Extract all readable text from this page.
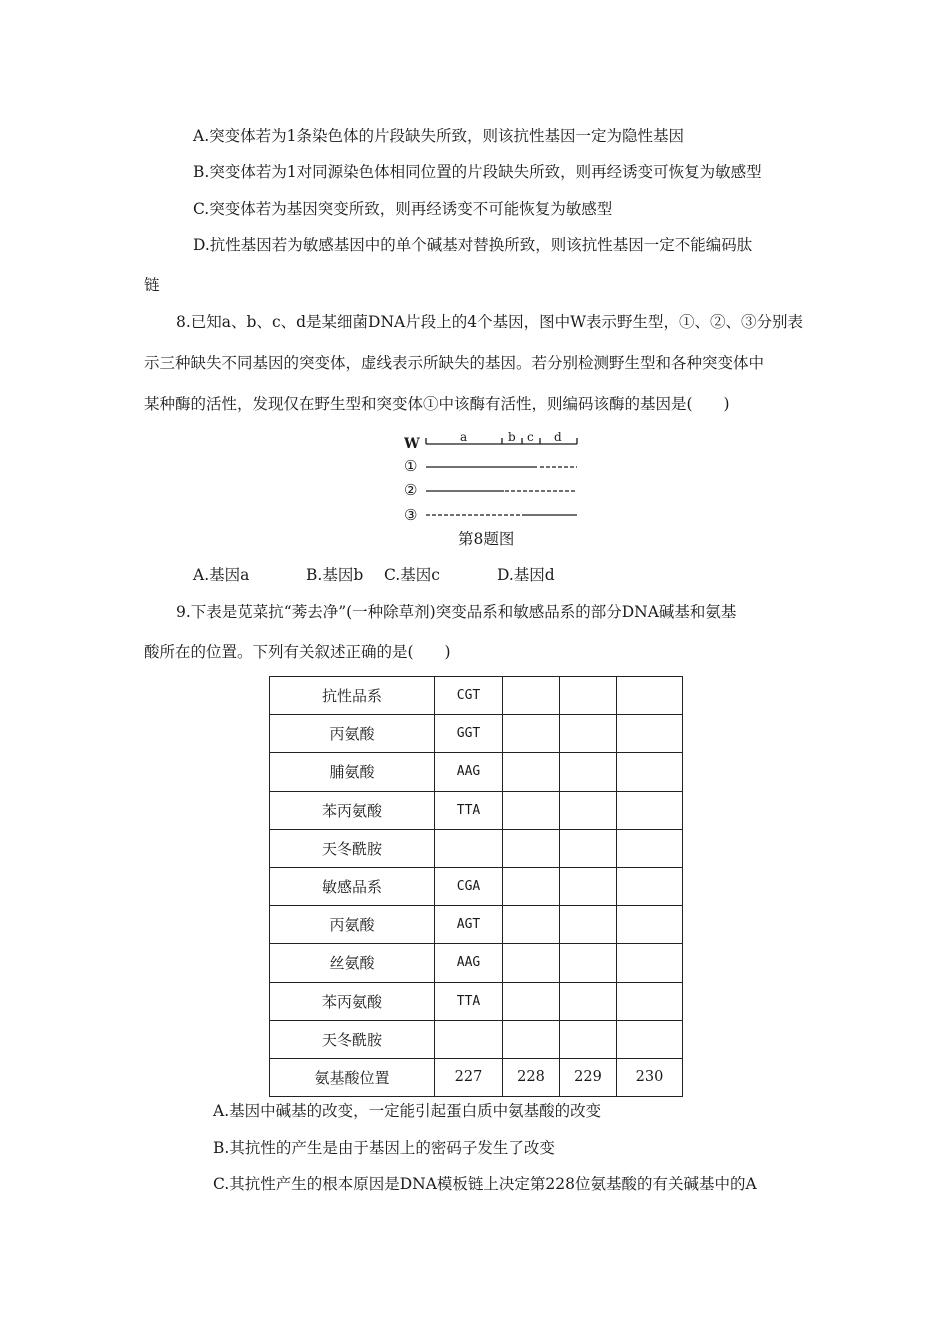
A.突变体若为1条染色体的片段缺失所致，则该抗性基因一定为隐性基因
B.突变体若为1对同源染色体相同位置的片段缺失所致，则再经诱变可恢复为敏感型
C.突变体若为基因突变所致，则再经诱变不可能恢复为敏感型
D.抗性基因若为敏感基因中的单个碱基对替换所致，则该抗性基因一定不能编码肽
链
8.已知a、b、c、d是某细菌DNA片段上的4个基因，图中W表示野生型，①、②、③分别表
示三种缺失不同基因的突变体，虚线表示所缺失的基因。若分别检测野生型和各种突变体中
某种酶的活性，发现仅在野生型和突变体①中该酶有活性，则编码该酶的基因是(　　)
W	a	b c d
①
②
③
第8题图
A.基因a	B.基因b C.基因c	D.基因d
9.下表是苋菜抗“莠去净”(一种除草剂)突变品系和敏感品系的部分DNA碱基和氨基
酸所在的位置。下列有关叙述正确的是(　　)
抗性品系	CGT			
丙氨酸	GGT			
脯氨酸	AAG			
苯丙氨酸	TTA			
天冬酰胺				
敏感品系	CGA			
丙氨酸	AGT			
丝氨酸	AAG			
苯丙氨酸	TTA			
天冬酰胺				
氨基酸位置	227	228	229	230
A.基因中碱基的改变，一定能引起蛋白质中氨基酸的改变
B.其抗性的产生是由于基因上的密码子发生了改变
C.其抗性产生的根本原因是DNA模板链上决定第228位氨基酸的有关碱基中的A
